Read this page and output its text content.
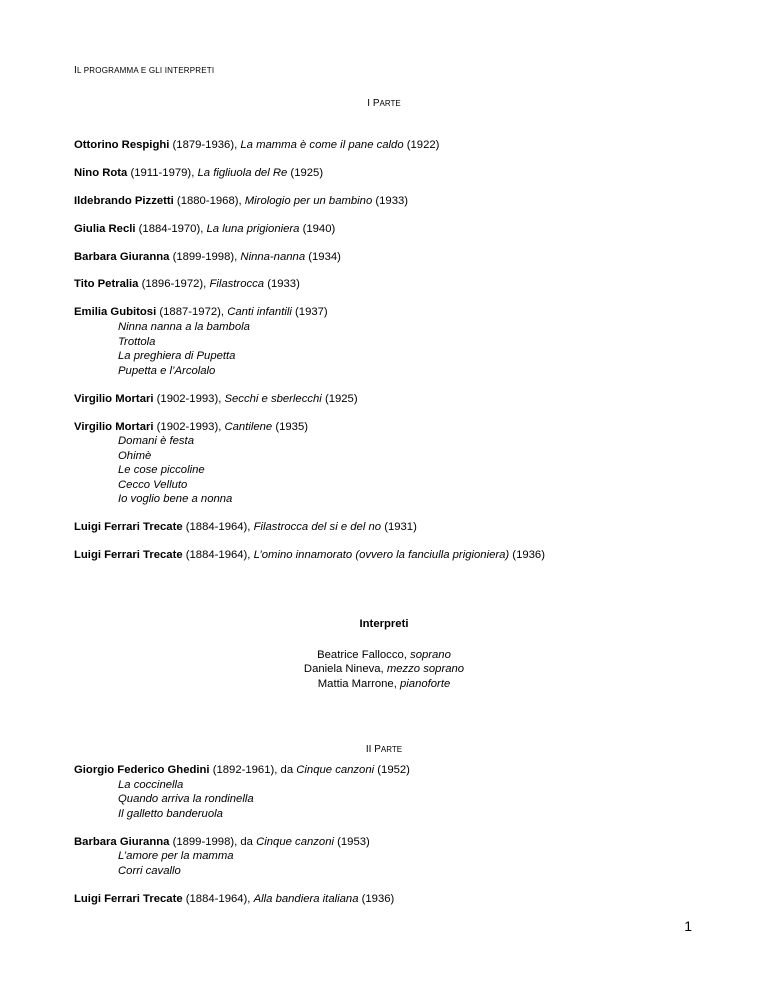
IL PROGRAMMA E GLI INTERPRETI
I PARTE
Ottorino Respighi (1879-1936), La mamma è come il pane caldo (1922)
Nino Rota (1911-1979), La figliuola del Re (1925)
Ildebrando Pizzetti (1880-1968), Mirologio per un bambino (1933)
Giulia Recli (1884-1970), La luna prigioniera (1940)
Barbara Giuranna (1899-1998), Ninna-nanna (1934)
Tito Petralia (1896-1972), Filastrocca (1933)
Emilia Gubitosi (1887-1972), Canti infantili (1937)
Ninna nanna a la bambola
Trottola
La preghiera di Pupetta
Pupetta e l’Arcolalo
Virgilio Mortari (1902-1993), Secchi e sberlecchi (1925)
Virgilio Mortari (1902-1993), Cantilene (1935)
Domani è festa
Ohimè
Le cose piccoline
Cecco Velluto
Io voglio bene a nonna
Luigi Ferrari Trecate (1884-1964), Filastrocca del si e del no (1931)
Luigi Ferrari Trecate (1884-1964), L’omino innamorato (ovvero la fanciulla prigioniera) (1936)
Interpreti
Beatrice Fallocco, soprano
Daniela Nineva, mezzo soprano
Mattia Marrone, pianoforte
II PARTE
Giorgio Federico Ghedini (1892-1961), da Cinque canzoni (1952)
La coccinella
Quando arriva la rondinella
Il galletto banderuola
Barbara Giuranna (1899-1998), da Cinque canzoni (1953)
L’amore per la mamma
Corri cavallo
Luigi Ferrari Trecate (1884-1964), Alla bandiera italiana (1936)
1
